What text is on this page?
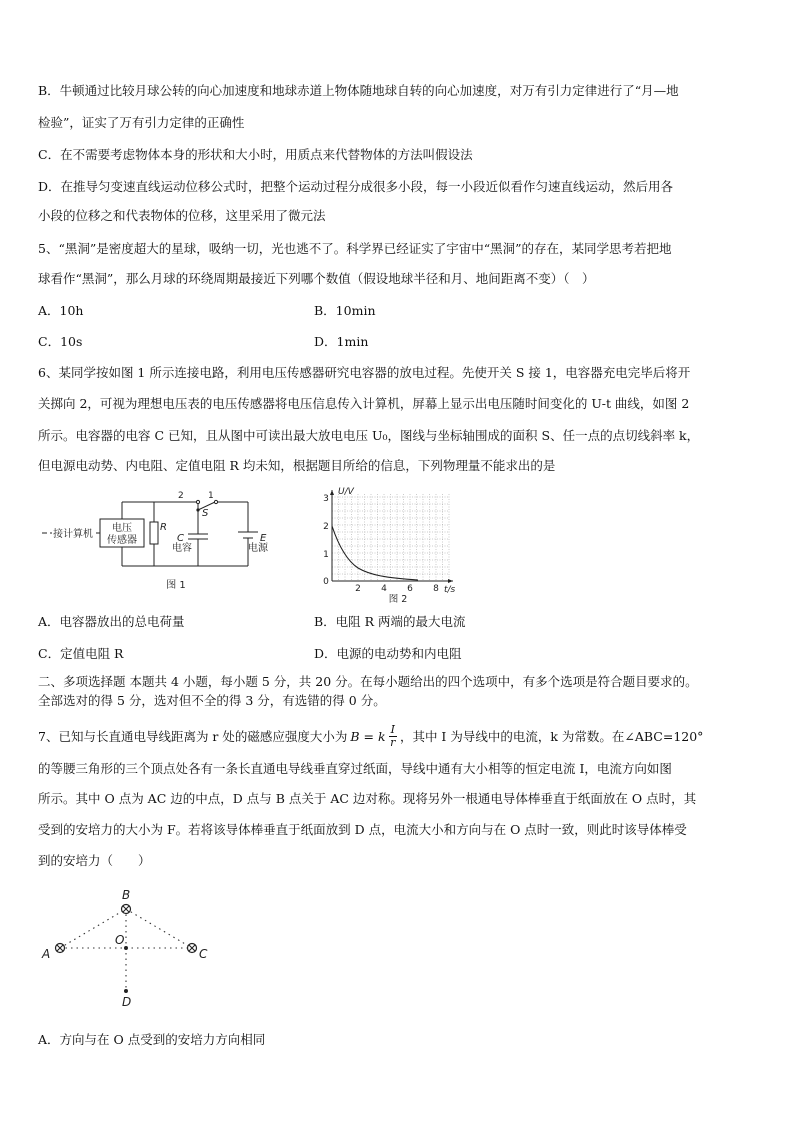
B．牛顿通过比较月球公转的向心加速度和地球赤道上物体随地球自转的向心加速度，对万有引力定律进行了“月—地
检验”，证实了万有引力定律的正确性
C．在不需要考虑物体本身的形状和大小时，用质点来代替物体的方法叫假设法
D．在推导匀变速直线运动位移公式时，把整个运动过程分成很多小段，每一小段近似看作匀速直线运动，然后用各
小段的位移之和代表物体的位移，这里采用了微元法
5、“黑洞”是密度超大的星球，吸纳一切，光也逃不了。科学界已经证实了宇宙中“黑洞”的存在，某同学思考若把地
球看作“黑洞”，那么月球的环绕周期最接近下列哪个数值（假设地球半径和月、地间距离不变）（　）
A．10h	B．10min
C．10s	D．1min
6、某同学按如图 1 所示连接电路，利用电压传感器研究电容器的放电过程。先使开关 S 接 1，电容器充电完毕后将开
关掷向 2，可视为理想电压表的电压传感器将电压信息传入计算机，屏幕上显示出电压随时间变化的 U-t 曲线，如图 2
所示。电容器的电容 C 已知，且从图中可读出最大放电电压 U₀，图线与坐标轴围成的面积 S、任一点的点切线斜率 k，
但电源电动势、内电阻、定值电阻 R 均未知，根据题目所给的信息，下列物理量不能求出的是
接计算机
电压
传感器
R
C
电容
E
电源
S
1
2
图 1
U/V
t/s
0
1
2
3
2 4 6 8
图 2
A．电容器放出的总电荷量	B．电阻 R 两端的最大电流
C．定值电阻 R	D．电源的电动势和内电阻
二、多项选择题 本题共 4 小题，每小题 5 分，共 20 分。在每小题给出的四个选项中，有多个选项是符合题目要求的。
全部选对的得 5 分，选对但不全的得 3 分，有选错的得 0 分。
7、已知与长直通电导线距离为 r 处的磁感应强度大小为 B = k $\frac{I}{r}$ ，其中 I 为导线中的电流，k 为常数。在∠ABC=120°
的等腰三角形的三个顶点处各有一条长直通电导线垂直穿过纸面，导线中通有大小相等的恒定电流 I，电流方向如图
所示。其中 O 点为 AC 边的中点，D 点与 B 点关于 AC 边对称。现将另外一根通电导体棒垂直于纸面放在 O 点时，其
受到的安培力的大小为 F。若将该导体棒垂直于纸面放到 D 点，电流大小和方向与在 O 点时一致，则此时该导体棒受
到的安培力（　　）
A
B
C
D
O
A．方向与在 O 点受到的安培力方向相同
